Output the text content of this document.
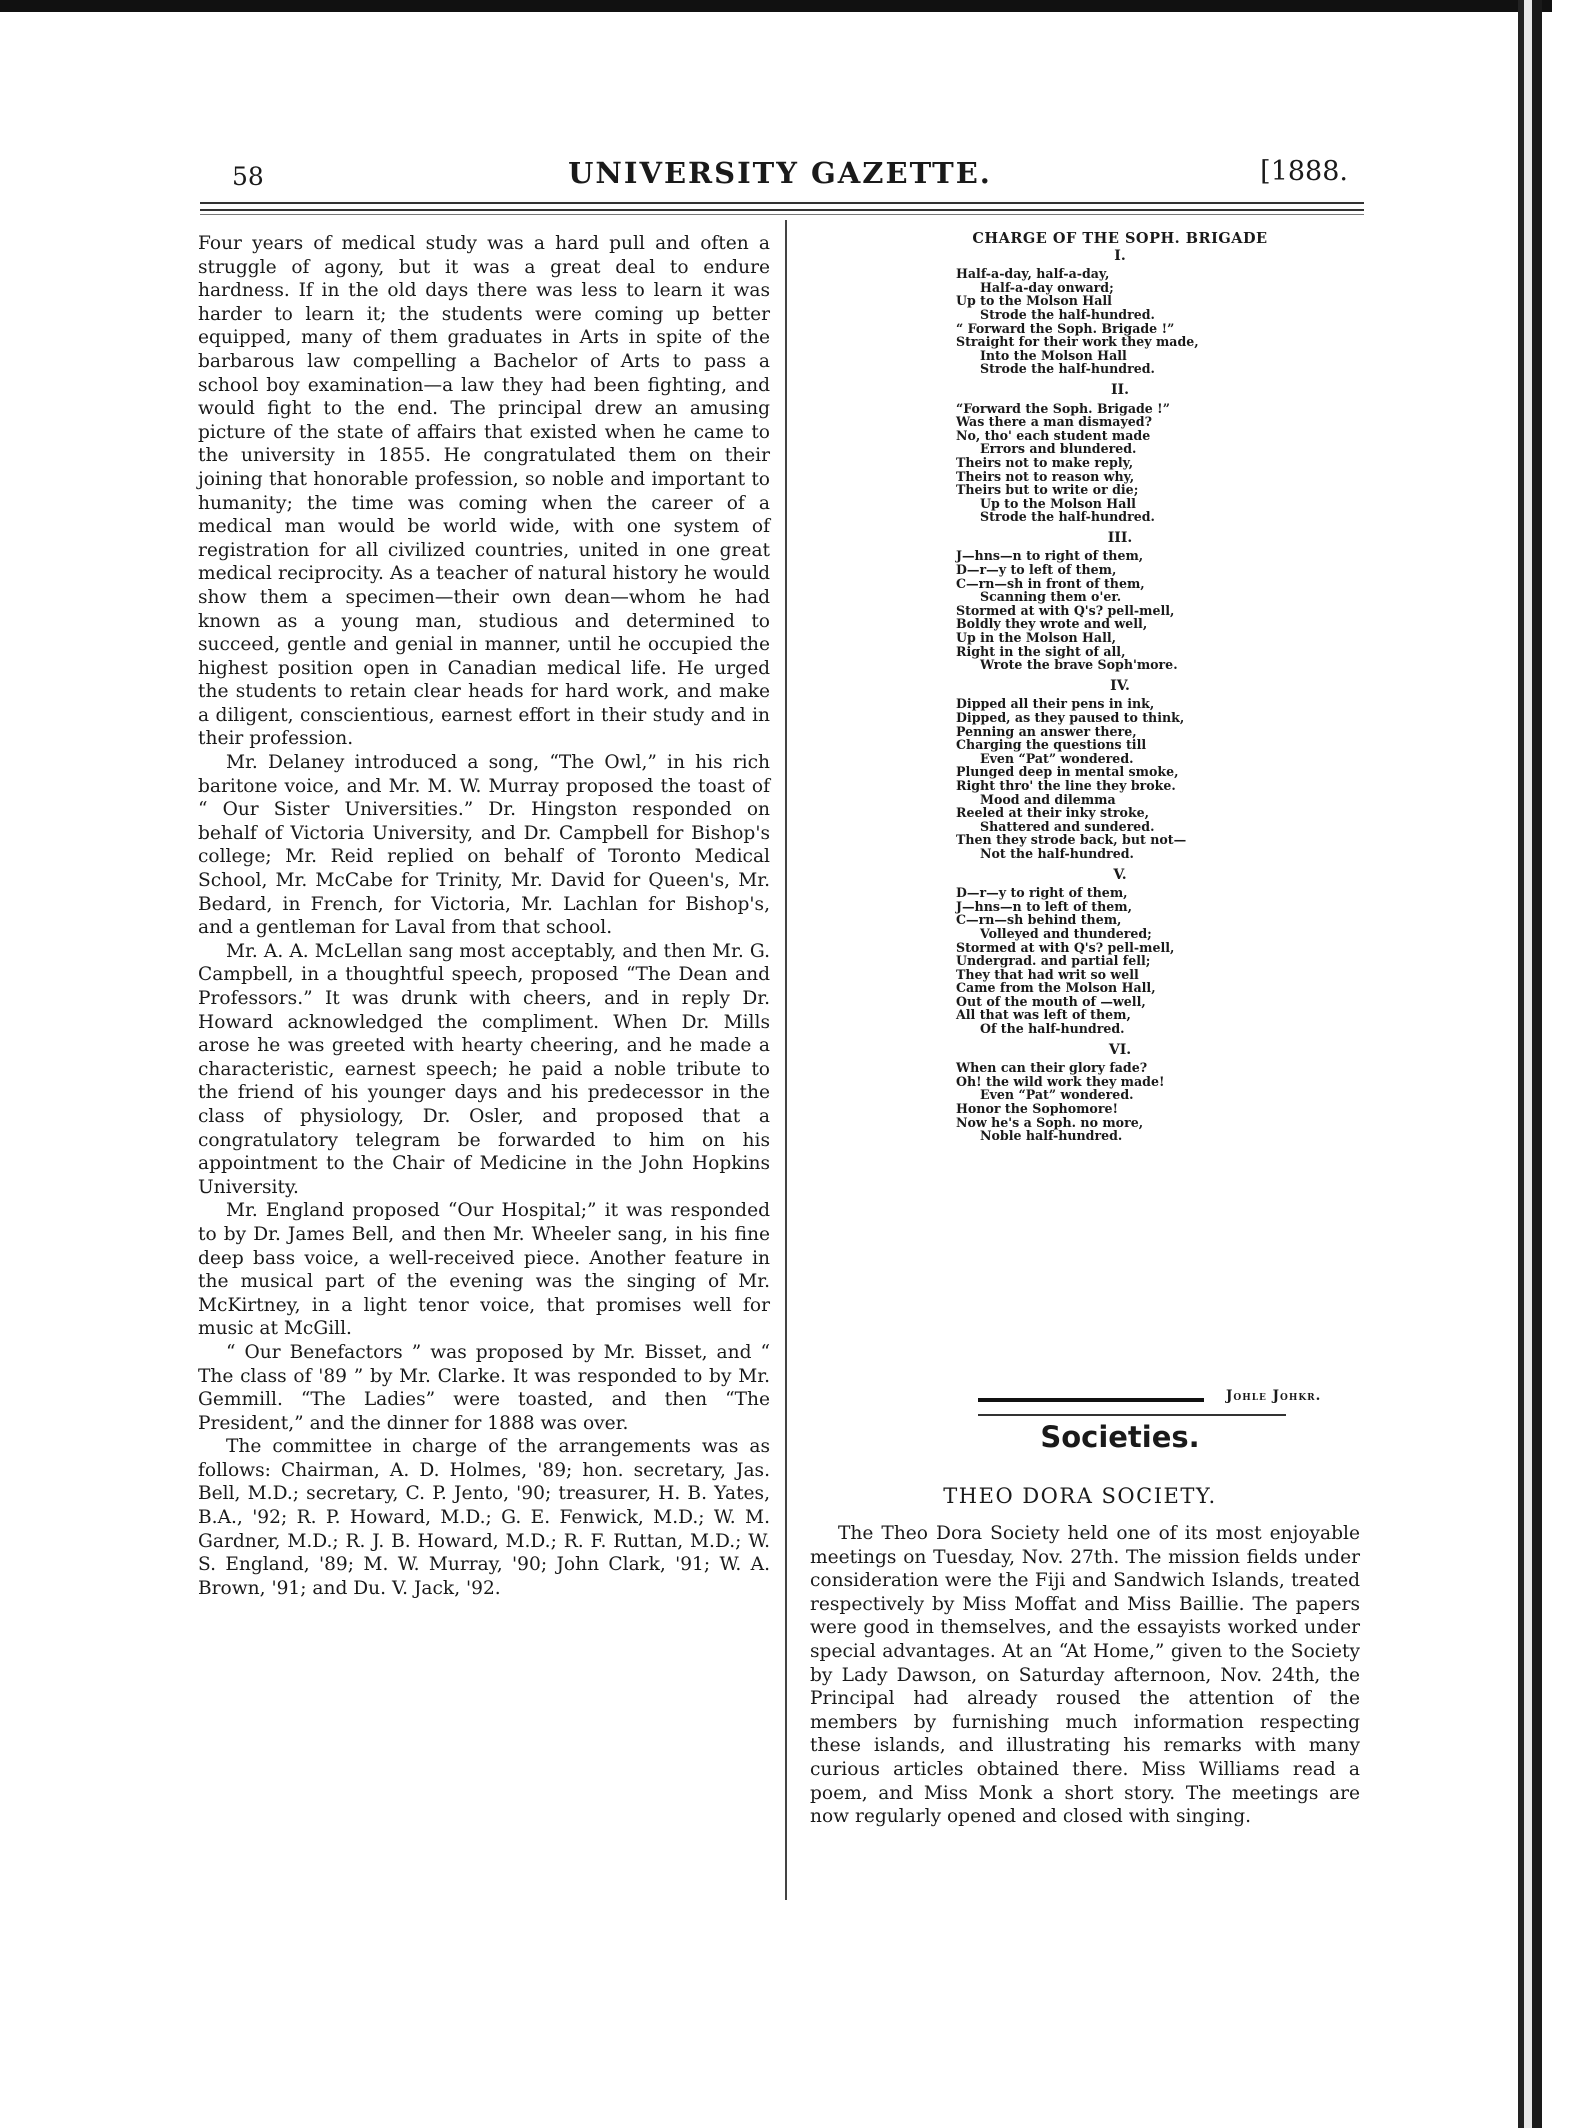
58	UNIVERSITY GAZETTE.	[1888.

Four years of medical study was a hard pull and often a struggle of agony, but it was a great deal to endure hardness. If in the old days there was less to learn it was harder to learn it; the students were coming up better equipped, many of them graduates in Arts in spite of the barbarous law compelling a Bachelor of Arts to pass a school boy examination—a law they had been fighting, and would fight to the end. The principal drew an amusing picture of the state of affairs that existed when he came to the university in 1855. He congratulated them on their joining that honorable profession, so noble and important to humanity; the time was coming when the career of a medical man would be world wide, with one system of registration for all civilized countries, united in one great medical reciprocity. As a teacher of natural history he would show them a specimen—their own dean—whom he had known as a young man, studious and determined to succeed, gentle and genial in manner, until he occupied the highest position open in Canadian medical life. He urged the students to retain clear heads for hard work, and make a diligent, conscientious, earnest effort in their study and in their profession.

Mr. Delaney introduced a song, “The Owl,” in his rich baritone voice, and Mr. M. W. Murray proposed the toast of “ Our Sister Universities.” Dr. Hingston responded on behalf of Victoria University, and Dr. Campbell for Bishop's college; Mr. Reid replied on behalf of Toronto Medical School, Mr. McCabe for Trinity, Mr. David for Queen's, Mr. Bedard, in French, for Victoria, Mr. Lachlan for Bishop's, and a gentleman for Laval from that school.

Mr. A. A. McLellan sang most acceptably, and then Mr. G. Campbell, in a thoughtful speech, proposed “The Dean and Professors.” It was drunk with cheers, and in reply Dr. Howard acknowledged the compliment. When Dr. Mills arose he was greeted with hearty cheering, and he made a characteristic, earnest speech; he paid a noble tribute to the friend of his younger days and his predecessor in the class of physiology, Dr. Osler, and proposed that a congratulatory telegram be forwarded to him on his appointment to the Chair of Medicine in the John Hopkins University.

Mr. England proposed “Our Hospital;” it was responded to by Dr. James Bell, and then Mr. Wheeler sang, in his fine deep bass voice, a well-received piece. Another feature in the musical part of the evening was the singing of Mr. McKirtney, in a light tenor voice, that promises well for music at McGill.

“ Our Benefactors ” was proposed by Mr. Bisset, and “ The class of '89 ” by Mr. Clarke. It was responded to by Mr. Gemmill. “The Ladies” were toasted, and then “The President,” and the dinner for 1888 was over.

The committee in charge of the arrangements was as follows: Chairman, A. D. Holmes, '89; hon. secretary, Jas. Bell, M.D.; secretary, C. P. Jento, '90; treasurer, H. B. Yates, B.A., '92; R. P. Howard, M.D.; G. E. Fenwick, M.D.; W. M. Gardner, M.D.; R. J. B. Howard, M.D.; R. F. Ruttan, M.D.; W. S. England, '89; M. W. Murray, '90; John Clark, '91; W. A. Brown, '91; and Du. V. Jack, '92.

CHARGE OF THE SOPH. BRIGADE
I.
Half-a-day, half-a-day,
Half-a-day onward;
Up to the Molson Hall
Strode the half-hundred.
“ Forward the Soph. Brigade !”
Straight for their work they made,
Into the Molson Hall
Strode the half-hundred.
II.
“Forward the Soph. Brigade !”
Was there a man dismayed?
No, tho' each student made
Errors and blundered.
Theirs not to make reply,
Theirs not to reason why,
Theirs but to write or die;
Up to the Molson Hall
Strode the half-hundred.
III.
J—hns—n to right of them,
D—r—y to left of them,
C—rn—sh in front of them,
Scanning them o'er.
Stormed at with Q's? pell-mell,
Boldly they wrote and well,
Up in the Molson Hall,
Right in the sight of all,
Wrote the brave Soph'more.
IV.
Dipped all their pens in ink,
Dipped, as they paused to think,
Penning an answer there,
Charging the questions till
Even “Pat” wondered.
Plunged deep in mental smoke,
Right thro' the line they broke.
Mood and dilemma
Reeled at their inky stroke,
Shattered and sundered.
Then they strode back, but not—
Not the half-hundred.
V.
D—r—y to right of them,
J—hns—n to left of them,
C—rn—sh behind them,
Volleyed and thundered;
Stormed at with Q's? pell-mell,
Undergrad. and partial fell;
They that had writ so well
Came from the Molson Hall,
Out of the mouth of —well,
All that was left of them,
Of the half-hundred.
VI.
When can their glory fade?
Oh! the wild work they made!
Even “Pat” wondered.
Honor the Sophomore!
Now he's a Soph. no more,
Noble half-hundred.
Johle Johkr.
Societies.
THEO DORA SOCIETY.

The Theo Dora Society held one of its most enjoyable meetings on Tuesday, Nov. 27th. The mission fields under consideration were the Fiji and Sandwich Islands, treated respectively by Miss Moffat and Miss Baillie. The papers were good in themselves, and the essayists worked under special advantages. At an “At Home,” given to the Society by Lady Dawson, on Saturday afternoon, Nov. 24th, the Principal had already roused the attention of the members by furnishing much information respecting these islands, and illustrating his remarks with many curious articles obtained there. Miss Williams read a poem, and Miss Monk a short story. The meetings are now regularly opened and closed with singing.
